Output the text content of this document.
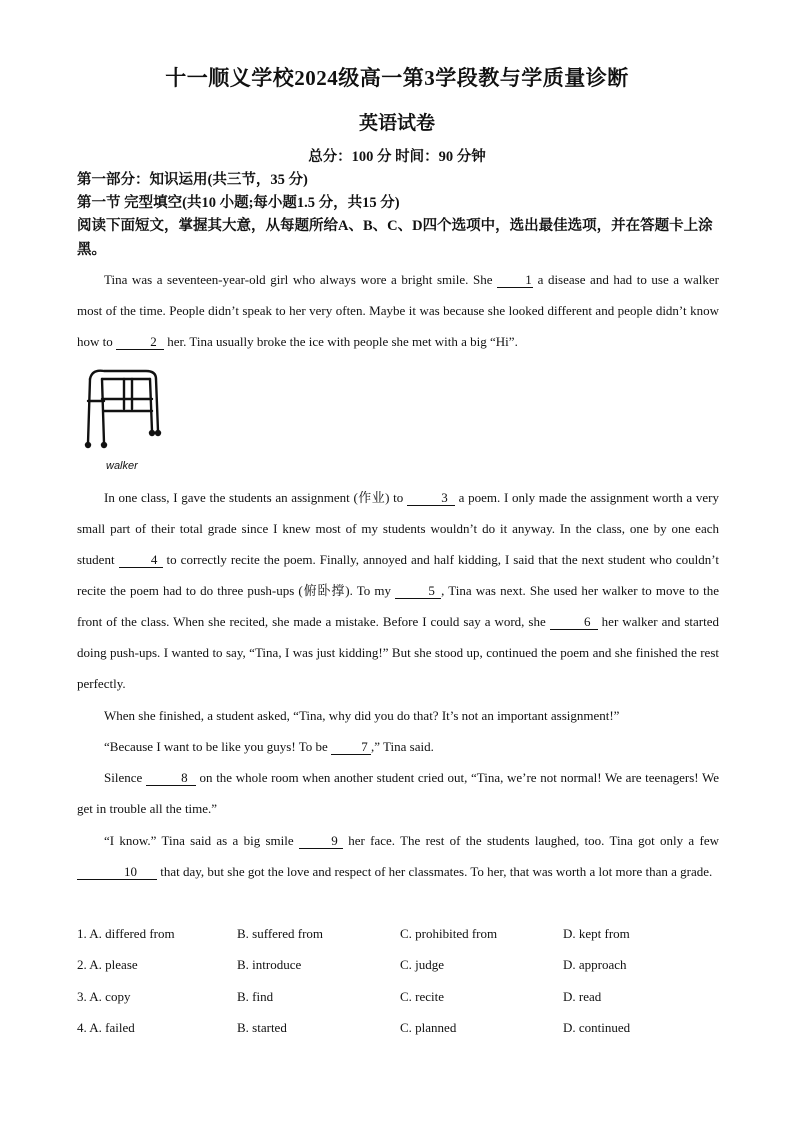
十一顺义学校2024级高一第3学段教与学质量诊断
英语试卷
总分：100 分 时间：90 分钟
第一部分：知识运用(共三节，35 分)
第一节 完型填空(共10 小题;每小题1.5 分，共15 分)
阅读下面短文，掌握其大意，从每题所给A、B、C、D四个选项中，选出最佳选项，并在答题卡上涂黑。
Tina was a seventeen-year-old girl who always wore a bright smile. She 1 a disease and had to use a walker most of the time. People didn’t speak to her very often. Maybe it was because she looked different and people didn’t know how to	2 her. Tina usually broke the ice with people she met with a big “Hi”.
walker
In one class, I gave the students an assignment (作业) to	3 a poem. I only made the assignment worth a very small part of their total grade since I knew most of my students wouldn’t do it anyway. In the class, one by one each student 4 to correctly recite the poem. Finally, annoyed and half kidding, I said that the next student who couldn’t recite the poem had to do three push-ups (俯卧撑). To my	5 , Tina was next. She used her walker to move to the front of the class. When she recited, she made a mistake. Before I could say a word, she	6 her walker and started doing push-ups. I wanted to say, “Tina, I was just kidding!” But she stood up, continued the poem and she finished the rest perfectly.
When she finished, a student asked, “Tina, why did you do that? It’s not an important assignment!”
“Because I want to be like you guys! To be 7 ,” Tina said.
Silence	8 on the whole room when another student cried out, “Tina, we’re not normal! We are teenagers! We get in trouble all the time.”
“I know.” Tina said as a big smile 9 her face. The rest of the students laughed, too. Tina got only a few 10 that day, but she got the love and respect of her classmates. To her, that was worth a lot more than a grade.
1. A. differed from	B. suffered from	C. prohibited from	D. kept from
2. A. please	B. introduce	C. judge	D. approach
3. A. copy	B. find	C. recite	D. read
4. A. failed	B. started	C. planned	D. continued
